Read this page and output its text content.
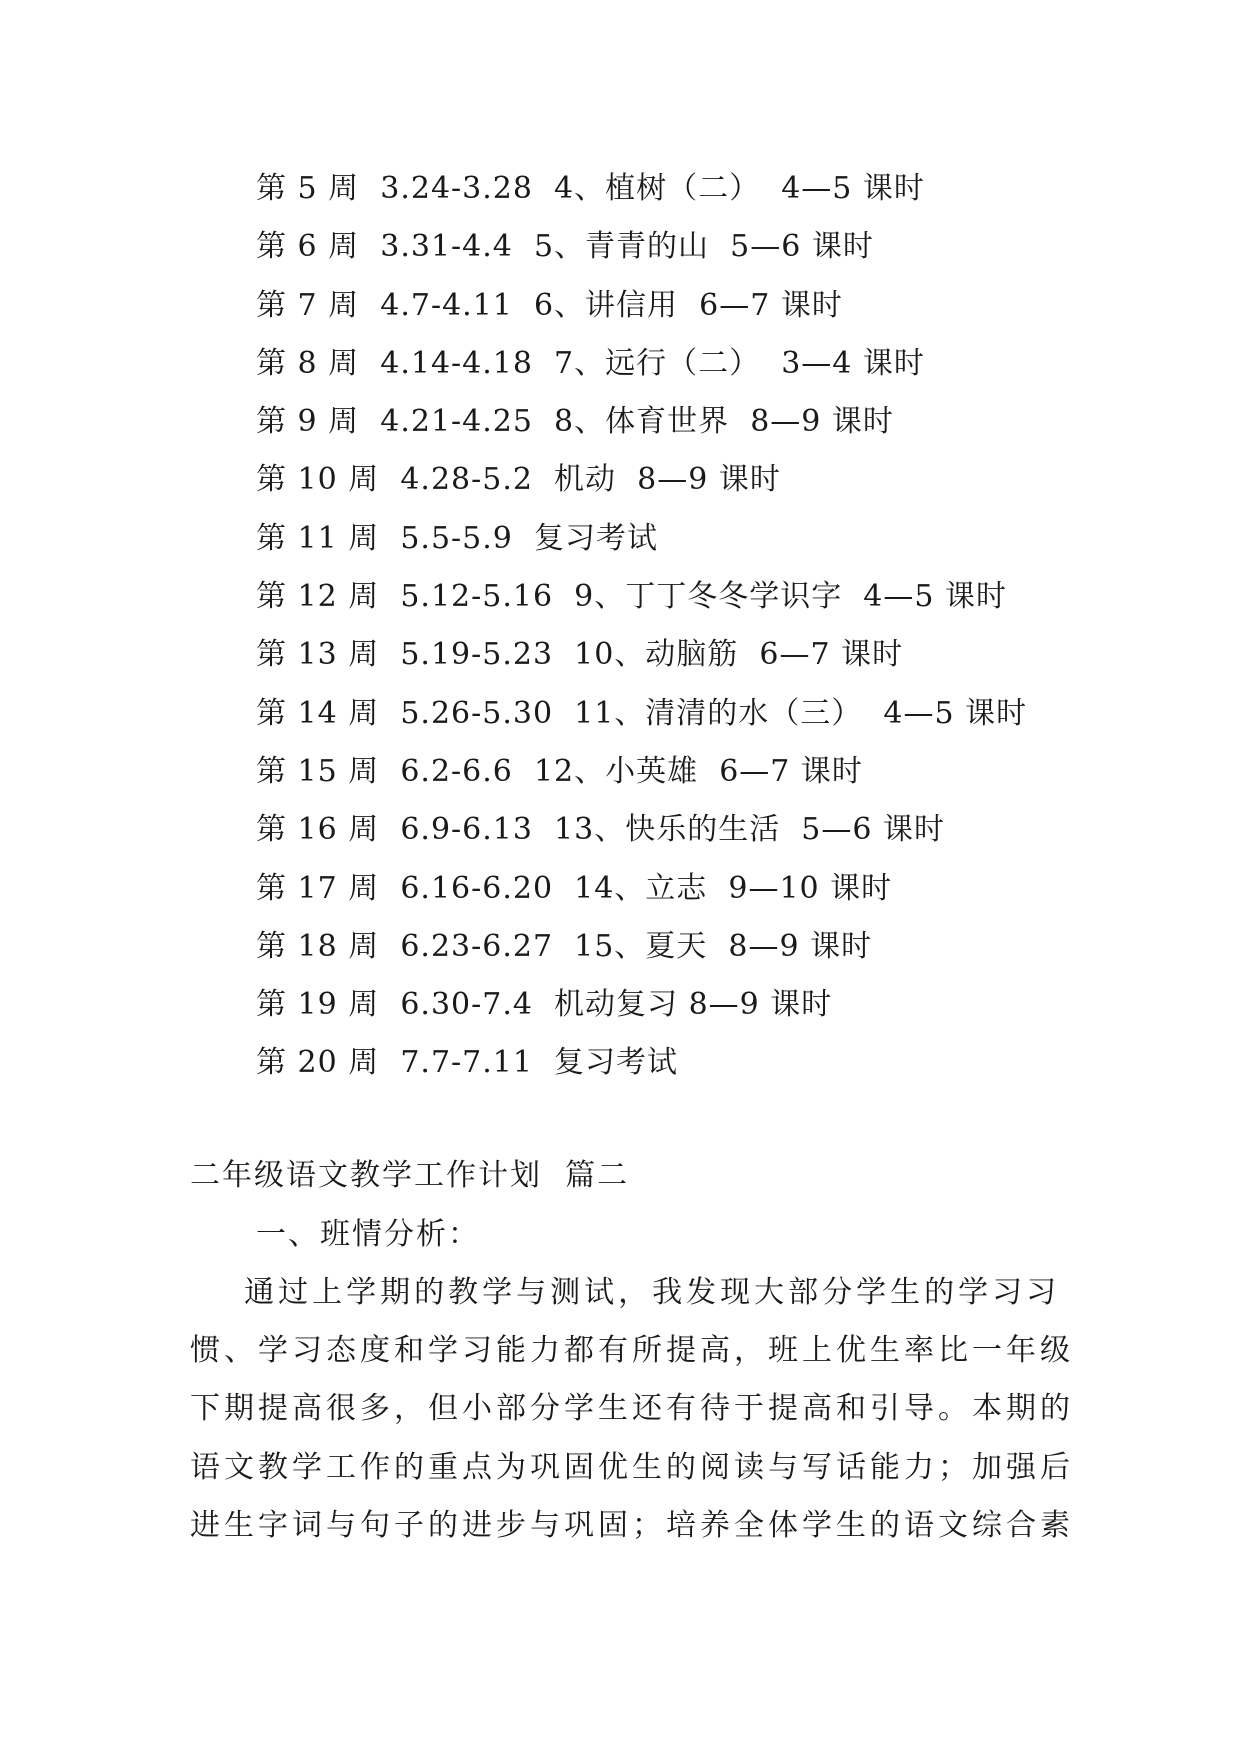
第 5 周  3.24-3.28  4、植树（二）  4—5 课时
第 6 周  3.31-4.4  5、青青的山  5—6 课时
第 7 周  4.7-4.11  6、讲信用  6—7 课时
第 8 周  4.14-4.18  7、远行（二）  3—4 课时
第 9 周  4.21-4.25  8、体育世界  8—9 课时
第 10 周  4.28-5.2  机动  8—9 课时
第 11 周  5.5-5.9  复习考试
第 12 周  5.12-5.16  9、丁丁冬冬学识字  4—5 课时
第 13 周  5.19-5.23  10、动脑筋  6—7 课时
第 14 周  5.26-5.30  11、清清的水（三）  4—5 课时
第 15 周  6.2-6.6  12、小英雄  6—7 课时
第 16 周  6.9-6.13  13、快乐的生活  5—6 课时
第 17 周  6.16-6.20  14、立志  9—10 课时
第 18 周  6.23-6.27  15、夏天  8—9 课时
第 19 周  6.30-7.4  机动复习 8—9 课时
第 20 周  7.7-7.11  复习考试
二年级语文教学工作计划  篇二
一、班情分析：
通过上学期的教学与测试，我发现大部分学生的学习习
惯、学习态度和学习能力都有所提高，班上优生率比一年级
下期提高很多，但小部分学生还有待于提高和引导。本期的
语文教学工作的重点为巩固优生的阅读与写话能力；加强后
进生字词与句子的进步与巩固；培养全体学生的语文综合素
